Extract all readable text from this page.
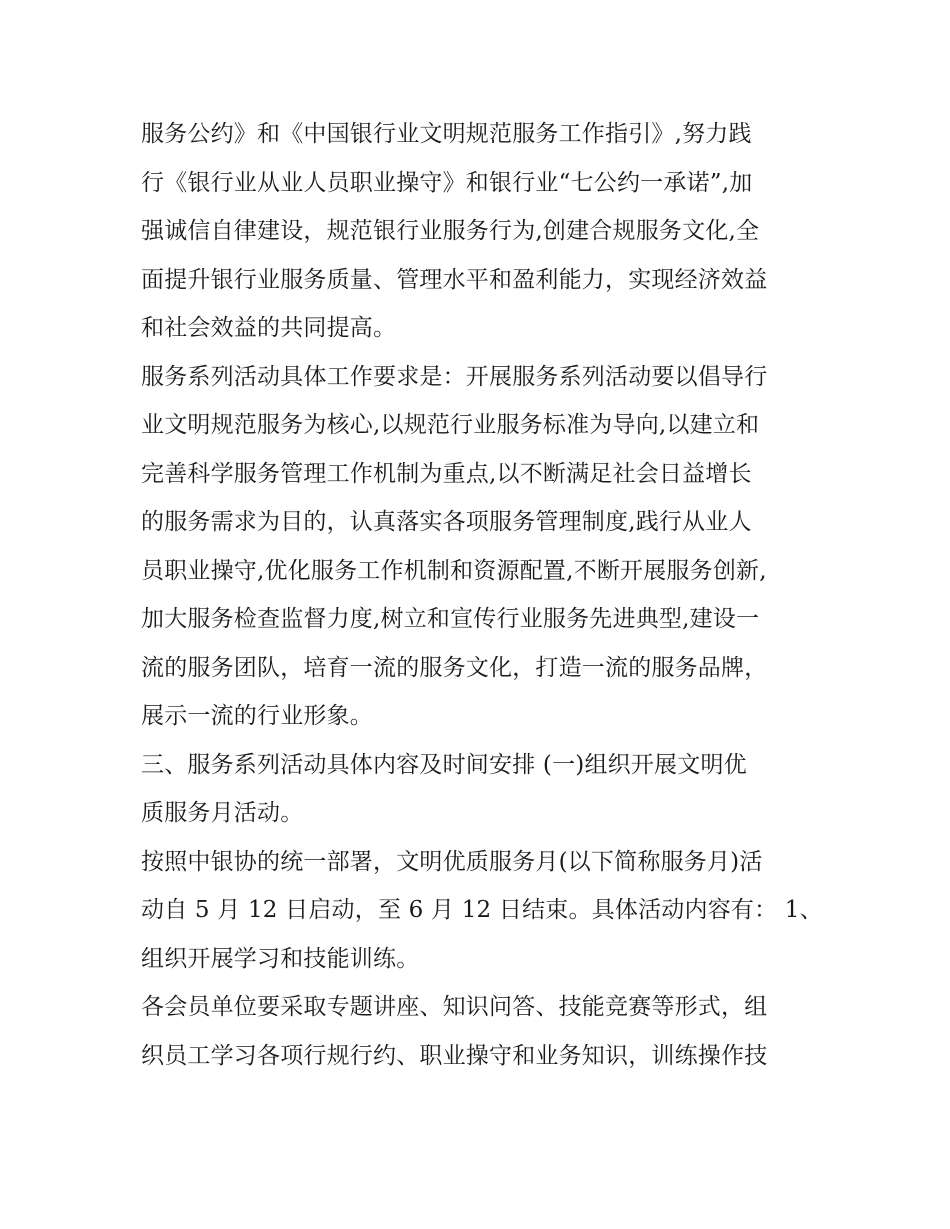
服务公约》和《中国银行业文明规范服务工作指引》,努力践
行《银行业从业人员职业操守》和银行业“七公约一承诺”,加
强诚信自律建设，规范银行业服务行为,创建合规服务文化,全
面提升银行业服务质量、管理水平和盈利能力，实现经济效益
和社会效益的共同提高。
服务系列活动具体工作要求是：开展服务系列活动要以倡导行
业文明规范服务为核心,以规范行业服务标准为导向,以建立和
完善科学服务管理工作机制为重点,以不断满足社会日益增长
的服务需求为目的，认真落实各项服务管理制度,践行从业人
员职业操守,优化服务工作机制和资源配置,不断开展服务创新,
加大服务检查监督力度,树立和宣传行业服务先进典型,建设一
流的服务团队，培育一流的服务文化，打造一流的服务品牌，
展示一流的行业形象。
三、服务系列活动具体内容及时间安排 (一)组织开展文明优
质服务月活动。
按照中银协的统一部署，文明优质服务月(以下简称服务月)活
动自 5 月 12 日启动，至 6 月 12 日结束。具体活动内容有： 1、
组织开展学习和技能训练。
各会员单位要采取专题讲座、知识问答、技能竞赛等形式，组
织员工学习各项行规行约、职业操守和业务知识，训练操作技
